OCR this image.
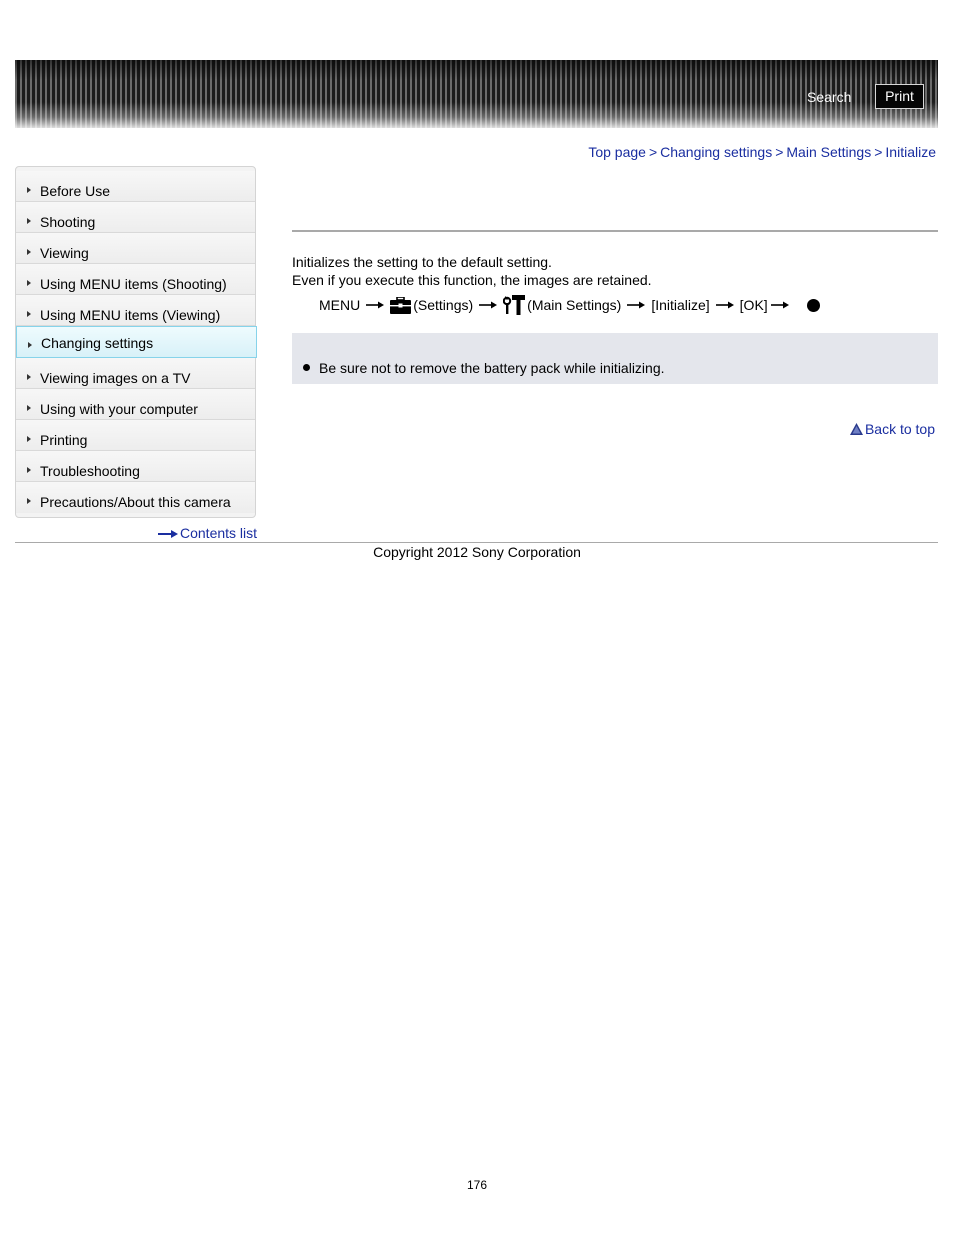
Search	Print
Top page > Changing settings > Main Settings > Initialize
Before Use
Shooting
Viewing
Using MENU items (Shooting)
Using MENU items (Viewing)
Changing settings
Viewing images on a TV
Using with your computer
Printing
Troubleshooting
Precautions/About this camera
Contents list
Initializes the setting to the default setting.
Even if you execute this function, the images are retained.
MENU	(Settings)	(Main Settings) [Initialize] [OK]
Be sure not to remove the battery pack while initializing.
Back to top
Copyright 2012 Sony Corporation
176
